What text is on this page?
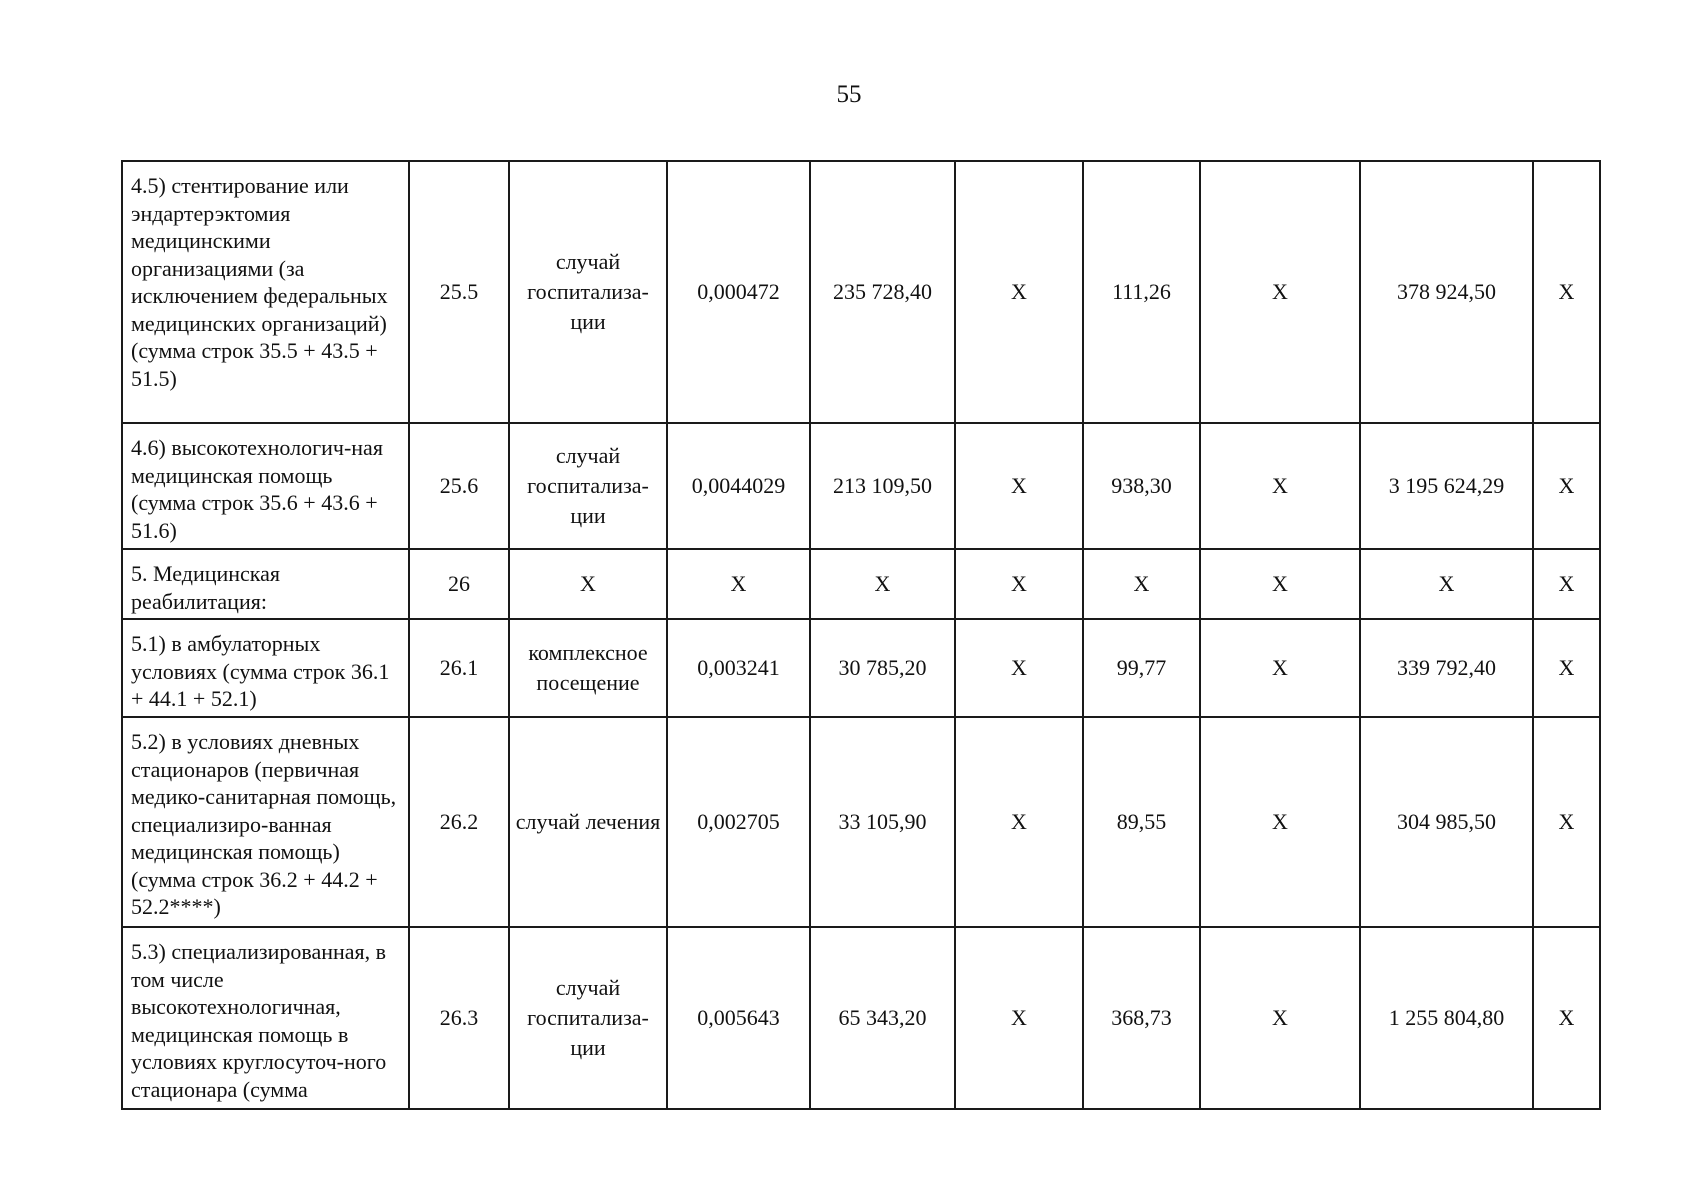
55
4.5) стентирование или эндартерэктомия медицинскими организациями (за исключением федеральных медицинских организаций) (сумма строк 35.5 + 43.5 + 51.5)	25.5	случай госпитализа-ции	0,000472	235 728,40	X	111,26	X	378 924,50	X
4.6) высокотехнологич-ная медицинская помощь (сумма строк 35.6 + 43.6 + 51.6)	25.6	случай госпитализа-ции	0,0044029	213 109,50	X	938,30	X	3 195 624,29	X
5. Медицинская реабилитация:	26	X	X	X	X	X	X	X	X
5.1) в амбулаторных условиях (сумма строк 36.1 + 44.1 + 52.1)	26.1	комплексное посещение	0,003241	30 785,20	X	99,77	X	339 792,40	X
5.2) в условиях дневных стационаров (первичная медико-санитарная помощь, специализиро-ванная медицинская помощь) (сумма строк 36.2 + 44.2 + 52.2****)	26.2	случай лечения	0,002705	33 105,90	X	89,55	X	304 985,50	X
5.3) специализированная, в том числе высокотехнологичная, медицинская помощь в условиях круглосуточ-ного стационара (сумма	26.3	случай госпитализа-ции	0,005643	65 343,20	X	368,73	X	1 255 804,80	X
